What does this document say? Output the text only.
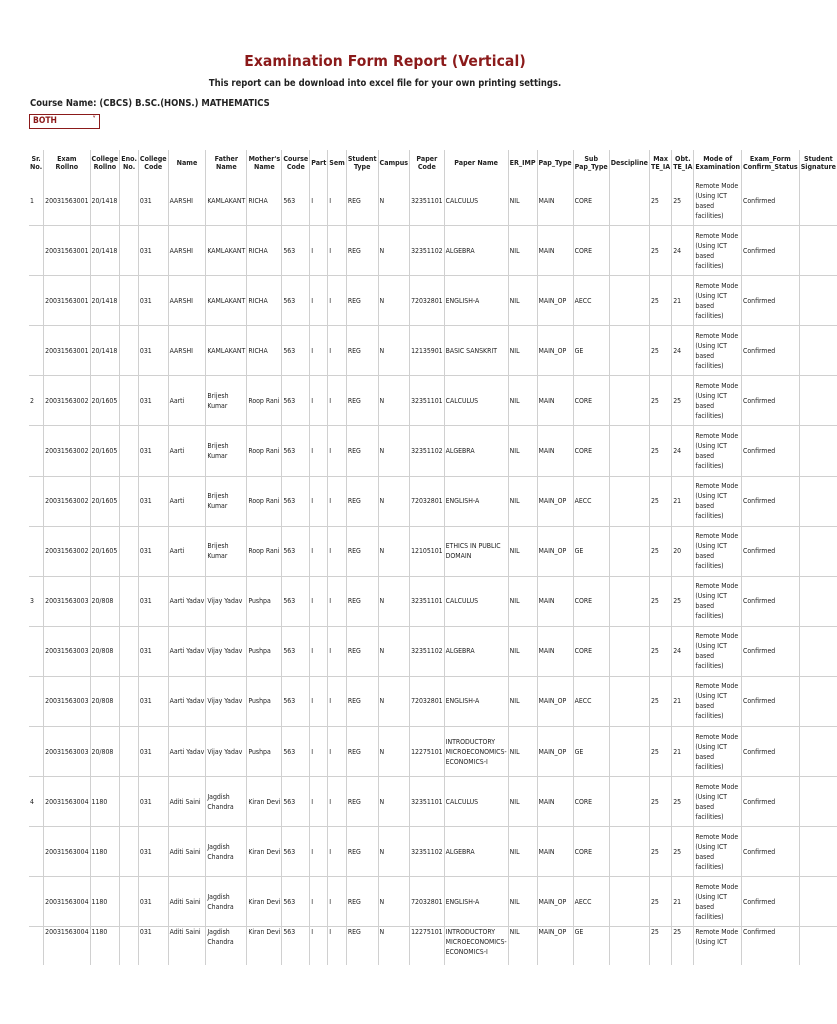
Examination Form Report (Vertical)
This report can be download into excel file for your own printing settings.
Course Name: (CBCS) B.SC.(HONS.) MATHEMATICS
BOTH	˅
Sr. No.	Exam Rollno	College Rollno	Eno. No.	College Code	Name	Father Name	Mother's Name	Course Code	Part	Sem	Student Type	Campus	Paper Code	Paper Name	ER_IMP	Pap_Type	Sub Pap_Type	Descipline	Max TE_IA	Obt. TE_IA	Mode of Examination	Exam_Form Confirm_Status	Student Signature
1	20031563001	20/1418		031	AARSHI	KAMLAKANT	RICHA	563	I	I	REG	N	32351101	CALCULUS	NIL	MAIN	CORE		25	25	Remote Mode (Using ICT based facilities)	Confirmed	
	20031563001	20/1418		031	AARSHI	KAMLAKANT	RICHA	563	I	I	REG	N	32351102	ALGEBRA	NIL	MAIN	CORE		25	24	Remote Mode (Using ICT based facilities)	Confirmed	
	20031563001	20/1418		031	AARSHI	KAMLAKANT	RICHA	563	I	I	REG	N	72032801	ENGLISH-A	NIL	MAIN_OP	AECC		25	21	Remote Mode (Using ICT based facilities)	Confirmed	
	20031563001	20/1418		031	AARSHI	KAMLAKANT	RICHA	563	I	I	REG	N	12135901	BASIC SANSKRIT	NIL	MAIN_OP	GE		25	24	Remote Mode (Using ICT based facilities)	Confirmed	
2	20031563002	20/1605		031	Aarti	Brijesh Kumar	Roop Rani	563	I	I	REG	N	32351101	CALCULUS	NIL	MAIN	CORE		25	25	Remote Mode (Using ICT based facilities)	Confirmed	
	20031563002	20/1605		031	Aarti	Brijesh Kumar	Roop Rani	563	I	I	REG	N	32351102	ALGEBRA	NIL	MAIN	CORE		25	24	Remote Mode (Using ICT based facilities)	Confirmed	
	20031563002	20/1605		031	Aarti	Brijesh Kumar	Roop Rani	563	I	I	REG	N	72032801	ENGLISH-A	NIL	MAIN_OP	AECC		25	21	Remote Mode (Using ICT based facilities)	Confirmed	
	20031563002	20/1605		031	Aarti	Brijesh Kumar	Roop Rani	563	I	I	REG	N	12105101	ETHICS IN PUBLIC DOMAIN	NIL	MAIN_OP	GE		25	20	Remote Mode (Using ICT based facilities)	Confirmed	
3	20031563003	20/808		031	Aarti Yadav	Vijay Yadav	Pushpa	563	I	I	REG	N	32351101	CALCULUS	NIL	MAIN	CORE		25	25	Remote Mode (Using ICT based facilities)	Confirmed	
	20031563003	20/808		031	Aarti Yadav	Vijay Yadav	Pushpa	563	I	I	REG	N	32351102	ALGEBRA	NIL	MAIN	CORE		25	24	Remote Mode (Using ICT based facilities)	Confirmed	
	20031563003	20/808		031	Aarti Yadav	Vijay Yadav	Pushpa	563	I	I	REG	N	72032801	ENGLISH-A	NIL	MAIN_OP	AECC		25	21	Remote Mode (Using ICT based facilities)	Confirmed	
	20031563003	20/808		031	Aarti Yadav	Vijay Yadav	Pushpa	563	I	I	REG	N	12275101	INTRODUCTORY MICROECONOMICS-ECONOMICS-I	NIL	MAIN_OP	GE		25	21	Remote Mode (Using ICT based facilities)	Confirmed	
4	20031563004	1180		031	Aditi Saini	Jagdish Chandra	Kiran Devi	563	I	I	REG	N	32351101	CALCULUS	NIL	MAIN	CORE		25	25	Remote Mode (Using ICT based facilities)	Confirmed	
	20031563004	1180		031	Aditi Saini	Jagdish Chandra	Kiran Devi	563	I	I	REG	N	32351102	ALGEBRA	NIL	MAIN	CORE		25	25	Remote Mode (Using ICT based facilities)	Confirmed	
	20031563004	1180		031	Aditi Saini	Jagdish Chandra	Kiran Devi	563	I	I	REG	N	72032801	ENGLISH-A	NIL	MAIN_OP	AECC		25	21	Remote Mode (Using ICT based facilities)	Confirmed	
	20031563004	1180		031	Aditi Saini	Jagdish Chandra	Kiran Devi	563	I	I	REG	N	12275101	INTRODUCTORY MICROECONOMICS-ECONOMICS-I	NIL	MAIN_OP	GE		25	25	Remote Mode (Using ICT	Confirmed	
